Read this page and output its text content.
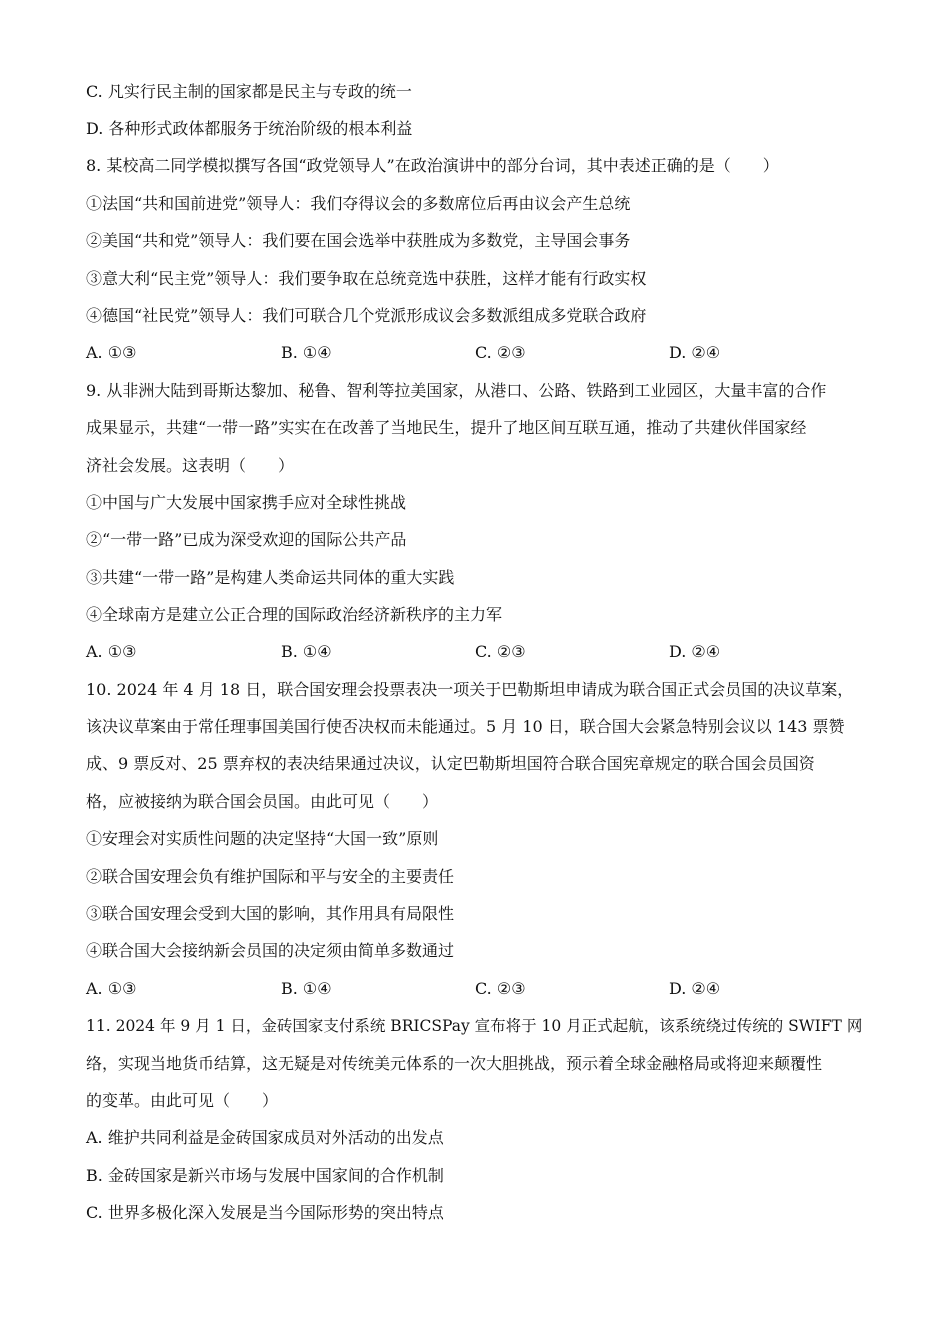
C. 凡实行民主制的国家都是民主与专政的统一
D. 各种形式政体都服务于统治阶级的根本利益
8. 某校高二同学模拟撰写各国“政党领导人”在政治演讲中的部分台词，其中表述正确的是（　　）
①法国“共和国前进党”领导人：我们夺得议会的多数席位后再由议会产生总统
②美国“共和党”领导人：我们要在国会选举中获胜成为多数党，主导国会事务
③意大利“民主党”领导人：我们要争取在总统竞选中获胜，这样才能有行政实权
④德国“社民党”领导人：我们可联合几个党派形成议会多数派组成多党联合政府
A. ①③	B. ①④	C. ②③	D. ②④
9. 从非洲大陆到哥斯达黎加、秘鲁、智利等拉美国家，从港口、公路、铁路到工业园区，大量丰富的合作
成果显示，共建“一带一路”实实在在改善了当地民生，提升了地区间互联互通，推动了共建伙伴国家经
济社会发展。这表明（　　）
①中国与广大发展中国家携手应对全球性挑战
②“一带一路”已成为深受欢迎的国际公共产品
③共建“一带一路”是构建人类命运共同体的重大实践
④全球南方是建立公正合理的国际政治经济新秩序的主力军
A. ①③	B. ①④	C. ②③	D. ②④
10. 2024 年 4 月 18 日，联合国安理会投票表决一项关于巴勒斯坦申请成为联合国正式会员国的决议草案，
该决议草案由于常任理事国美国行使否决权而未能通过。5 月 10 日，联合国大会紧急特别会议以 143 票赞
成、9 票反对、25 票弃权的表决结果通过决议，认定巴勒斯坦国符合联合国宪章规定的联合国会员国资
格，应被接纳为联合国会员国。由此可见（　　）
①安理会对实质性问题的决定坚持“大国一致”原则
②联合国安理会负有维护国际和平与安全的主要责任
③联合国安理会受到大国的影响，其作用具有局限性
④联合国大会接纳新会员国的决定须由简单多数通过
A. ①③	B. ①④	C. ②③	D. ②④
11. 2024 年 9 月 1 日，金砖国家支付系统 BRICSPay 宣布将于 10 月正式起航，该系统绕过传统的 SWIFT 网
络，实现当地货币结算，这无疑是对传统美元体系的一次大胆挑战，预示着全球金融格局或将迎来颠覆性
的变革。由此可见（　　）
A. 维护共同利益是金砖国家成员对外活动的出发点
B. 金砖国家是新兴市场与发展中国家间的合作机制
C. 世界多极化深入发展是当今国际形势的突出特点
